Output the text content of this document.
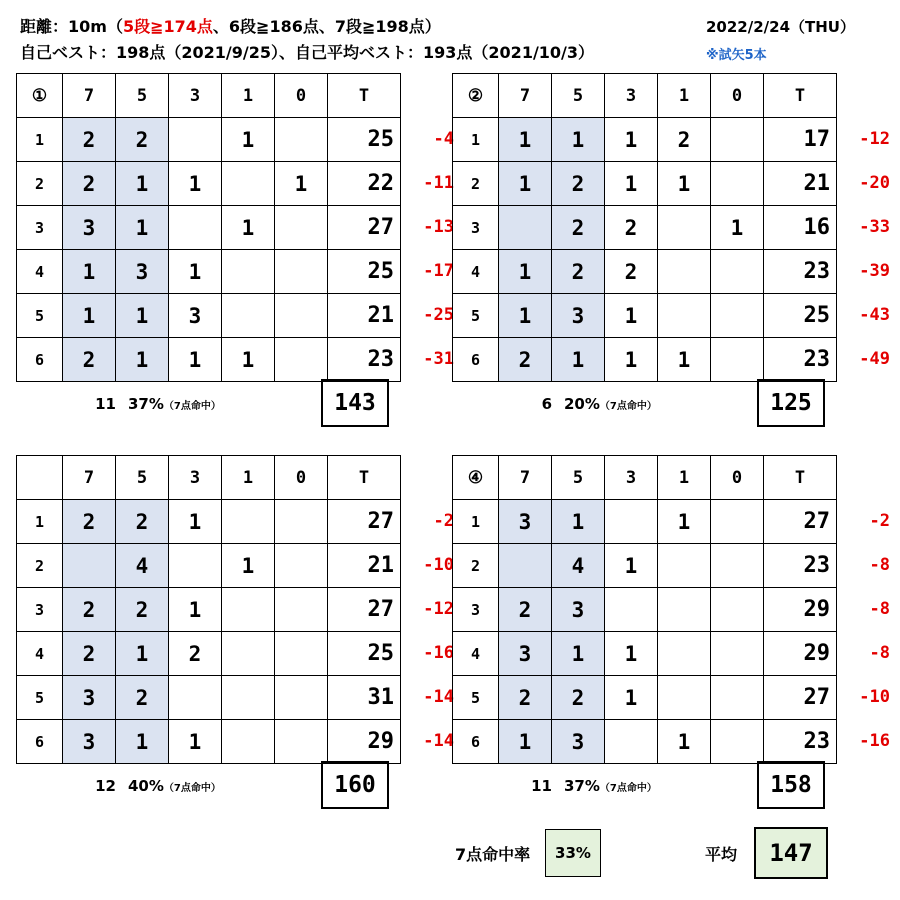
距離：10m（5段≧174点、6段≧186点、7段≧198点）
自己ベスト：198点（2021/9/25）、自己平均ベスト：193点（2021/10/3）
2022/2/24（THU）
※試矢5本
-4
-11
-13
-17
-25
-31
①	7	5	3	1	0	T
1	2	2		1		25
2	2	1	1		1	22
3	3	1		1		27
4	1	3	1			25
5	1	1	3			21
6	2	1	1	1		23
11 37%（7点命中）	143
-12
-20
-33
-39
-43
-49
②	7	5	3	1	0	T
1	1	1	1	2		17
2	1	2	1	1		21
3		2	2		1	16
4	1	2	2			23
5	1	3	1			25
6	2	1	1	1		23
6 20%（7点命中）	125
-2
-10
-12
-16
-14
-14
	7	5	3	1	0	T
1	2	2	1			27
2		4		1		21
3	2	2	1			27
4	2	1	2			25
5	3	2				31
6	3	1	1			29
12 40%（7点命中）	160
-2
-8
-8
-8
-10
-16
④	7	5	3	1	0	T
1	3	1		1		27
2		4	1			23
3	2	3				29
4	3	1	1			29
5	2	2	1			27
6	1	3		1		23
11 37%（7点命中）	158
7点命中率	33%	平均	147
